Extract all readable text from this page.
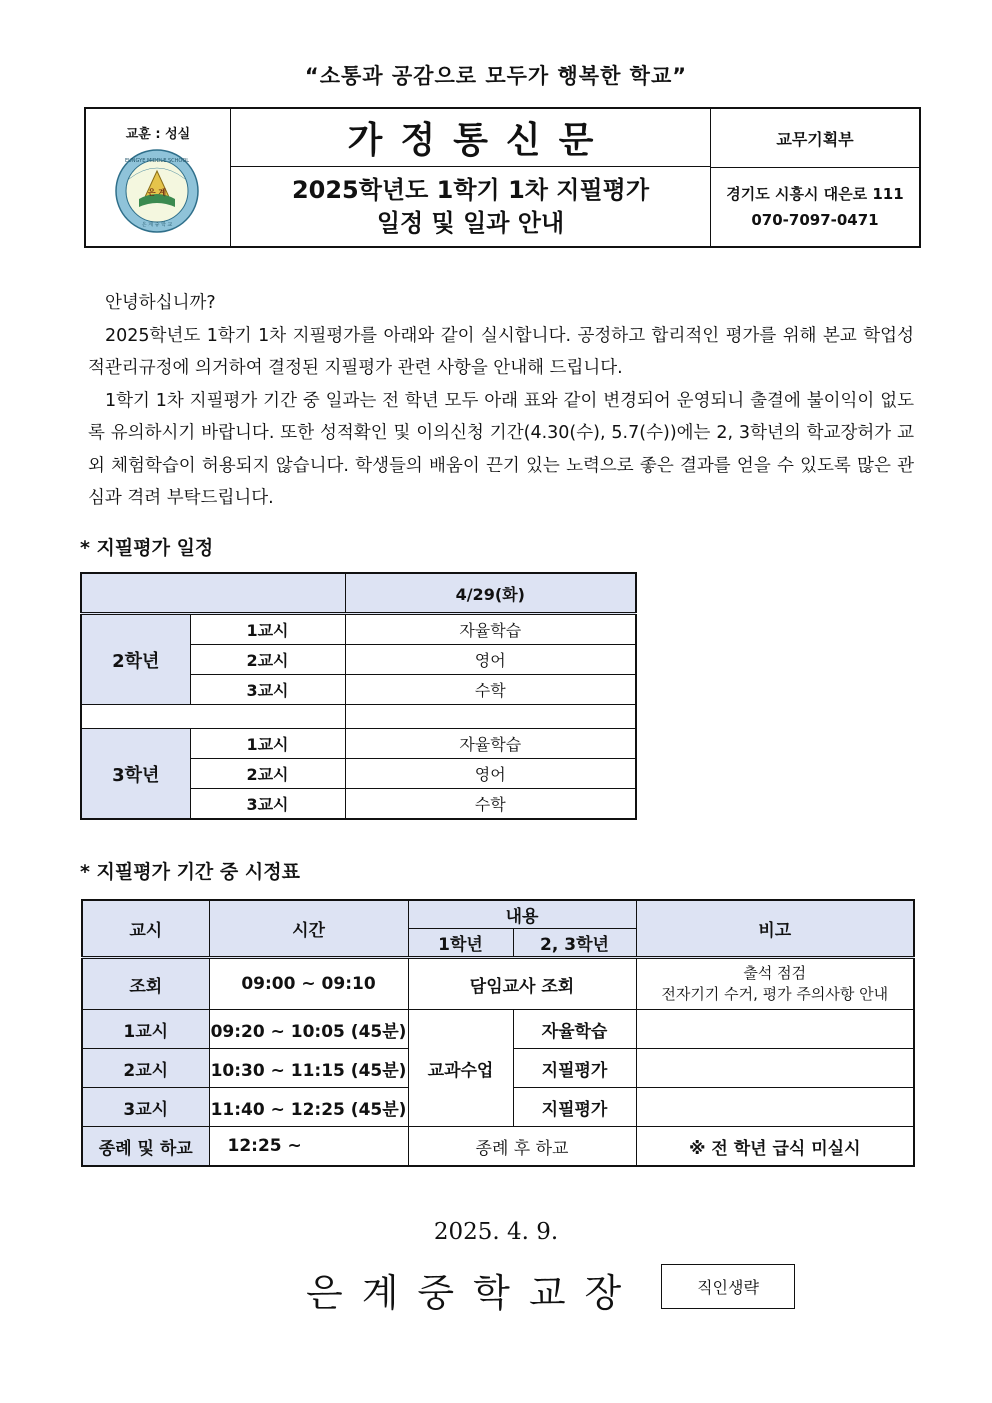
“소통과 공감으로 모두가 행복한 학교”
교훈 : 성실
EUNGYE MIDDLE SCHOOL
은 계
은 계 중 학 교
가정통신문
2025학년도 1학기 1차 지필평가
일정 및 일과 안내
교무기획부
경기도 시흥시 대은로 111
070-7097-0471

안녕하십니까?

2025학년도 1학기 1차 지필평가를 아래와 같이 실시합니다. 공정하고 합리적인 평가를 위해 본교 학업성적관리규정에 의거하여 결정된 지필평가 관련 사항을 안내해 드립니다.

1학기 1차 지필평가 기간 중 일과는 전 학년 모두 아래 표와 같이 변경되어 운영되니 출결에 불이익이 없도록 유의하시기 바랍니다. 또한 성적확인 및 이의신청 기간(4.30(수), 5.7(수))에는 2, 3학년의 학교장허가 교외 체험학습이 허용되지 않습니다. 학생들의 배움이 끈기 있는 노력으로 좋은 결과를 얻을 수 있도록 많은 관심과 격려 부탁드립니다.

* 지필평가 일정
		4/29(화)
2학년	1교시	자율학습
	2교시	영어
	3교시	수학

3학년	1교시	자율학습
	2교시	영어
	3교시	수학
* 지필평가 기간 중 시정표
교시	시간	내용		비고
		1학년	2, 3학년	
조회	09:00 ~ 09:10	담임교사 조회		출석 점검
전자기기 수거, 평가 주의사항 안내

1교시	09:20 ~ 10:05 (45분)	교과수업	자율학습	
2교시	10:30 ~ 11:15 (45분)		지필평가	
3교시	11:40 ~ 12:25 (45분)		지필평가	
종례 및 하교	12:25 ~	종례 후 하교		※ 전 학년 급식 미실시
2025. 4. 9.
은계중학교장	직인생략
